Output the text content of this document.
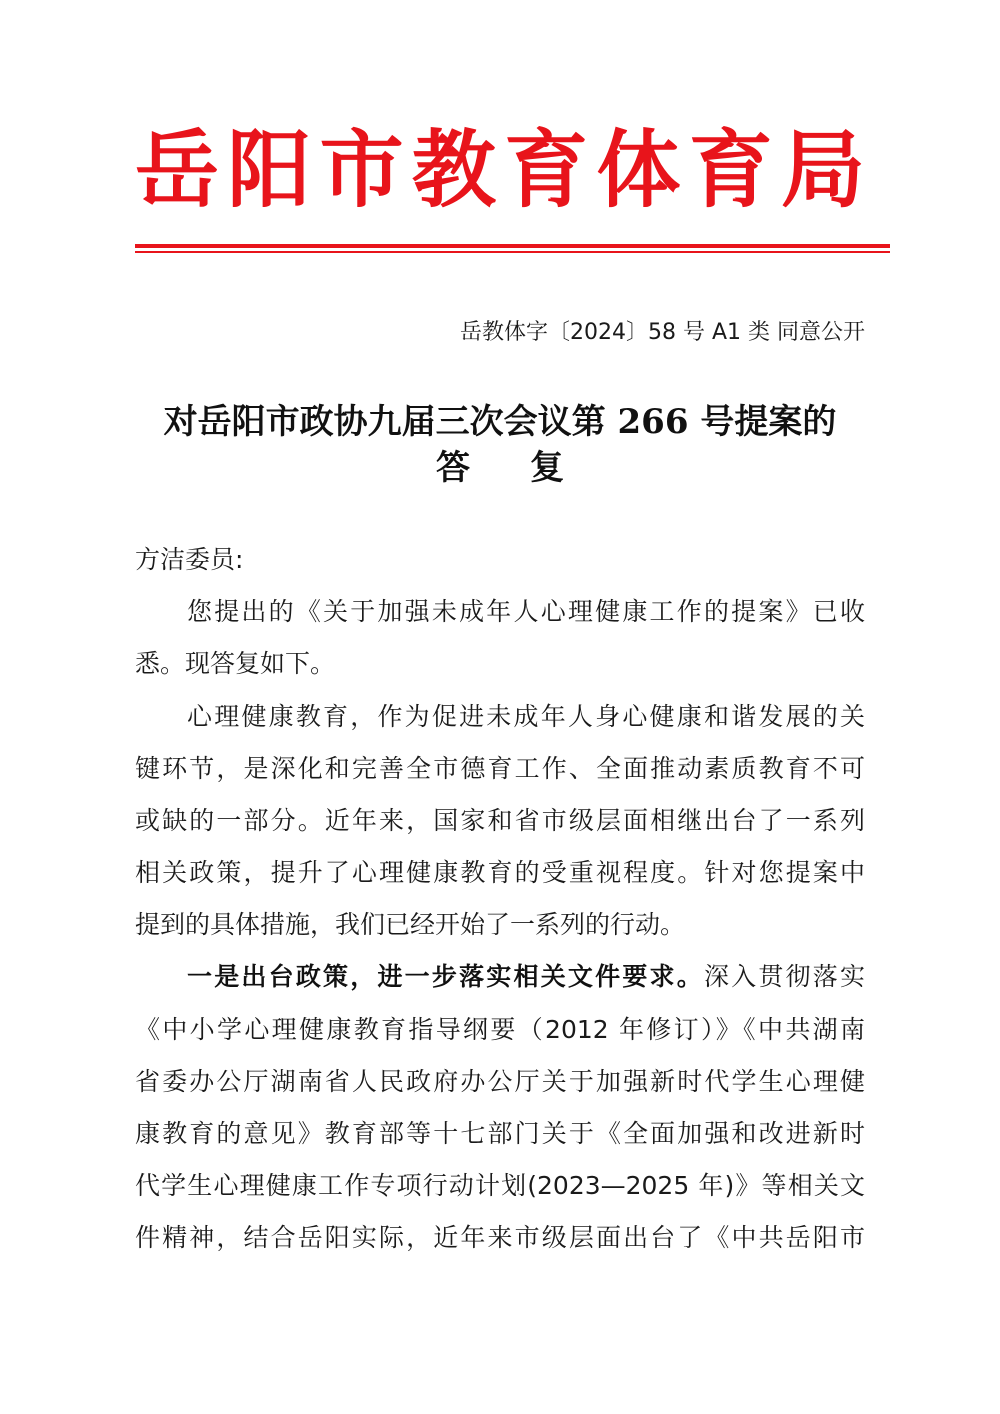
岳 阳 市 教 育 体 育 局
岳教体字〔2024〕58 号 A1 类 同意公开
对岳阳市政协九届三次会议第 266 号提案的
答复
方洁委员:
您提出的《关于加强未成年人心理健康工作的提案》已收
悉。现答复如下。
心理健康教育，作为促进未成年人身心健康和谐发展的关
键环节，是深化和完善全市德育工作、全面推动素质教育不可
或缺的一部分。近年来，国家和省市级层面相继出台了一系列
相关政策，提升了心理健康教育的受重视程度。针对您提案中
提到的具体措施，我们已经开始了一系列的行动。
一是出台政策，进一步落实相关文件要求。深入贯彻落实
《中小学心理健康教育指导纲要（2012 年修订）》《中共湖南
省委办公厅湖南省人民政府办公厅关于加强新时代学生心理健
康教育的意见》教育部等十七部门关于《全面加强和改进新时
代学生心理健康工作专项行动计划(2023—2025 年)》等相关文
件精神，结合岳阳实际，近年来市级层面出台了《中共岳阳市
